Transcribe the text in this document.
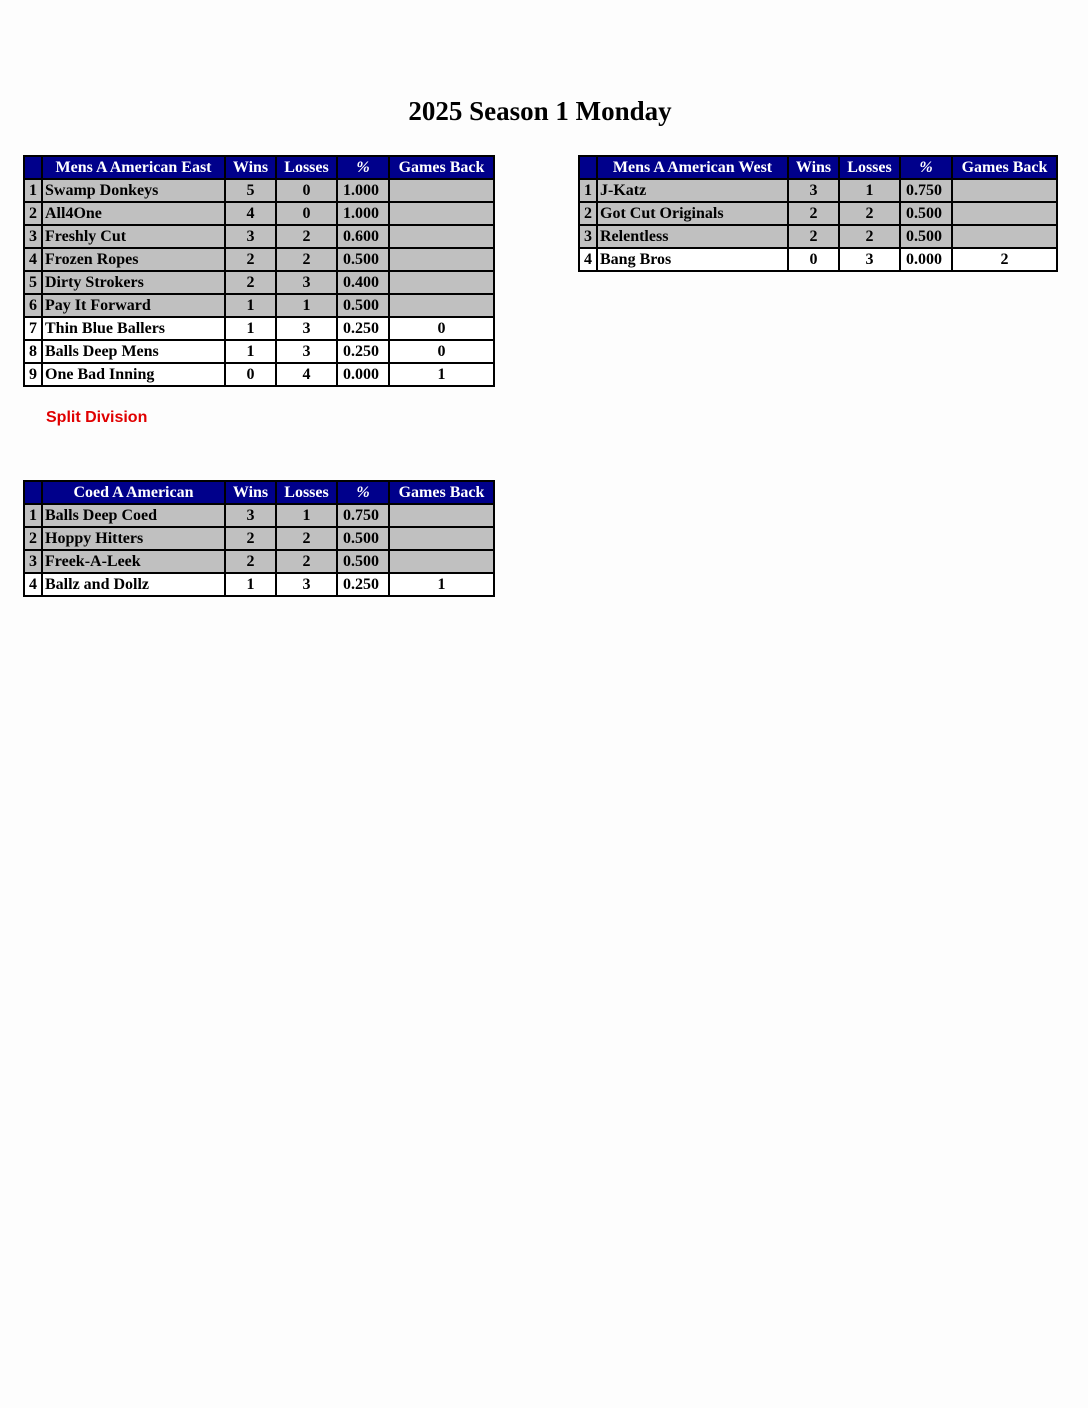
2025 Season 1 Monday
	Mens A American East	Wins	Losses	%	Games Back
1	Swamp Donkeys	5	0	1.000	
2	All4One	4	0	1.000	
3	Freshly Cut	3	2	0.600	
4	Frozen Ropes	2	2	0.500	
5	Dirty Strokers	2	3	0.400	
6	Pay It Forward	1	1	0.500	
7	Thin Blue Ballers	1	3	0.250	0
8	Balls Deep Mens	1	3	0.250	0
9	One Bad Inning	0	4	0.000	1
Split Division
	Mens A American West	Wins	Losses	%	Games Back
1	J-Katz	3	1	0.750	
2	Got Cut Originals	2	2	0.500	
3	Relentless	2	2	0.500	
4	Bang Bros	0	3	0.000	2
	Coed A American	Wins	Losses	%	Games Back
1	Balls Deep Coed	3	1	0.750	
2	Hoppy Hitters	2	2	0.500	
3	Freek-A-Leek	2	2	0.500	
4	Ballz and Dollz	1	3	0.250	1
